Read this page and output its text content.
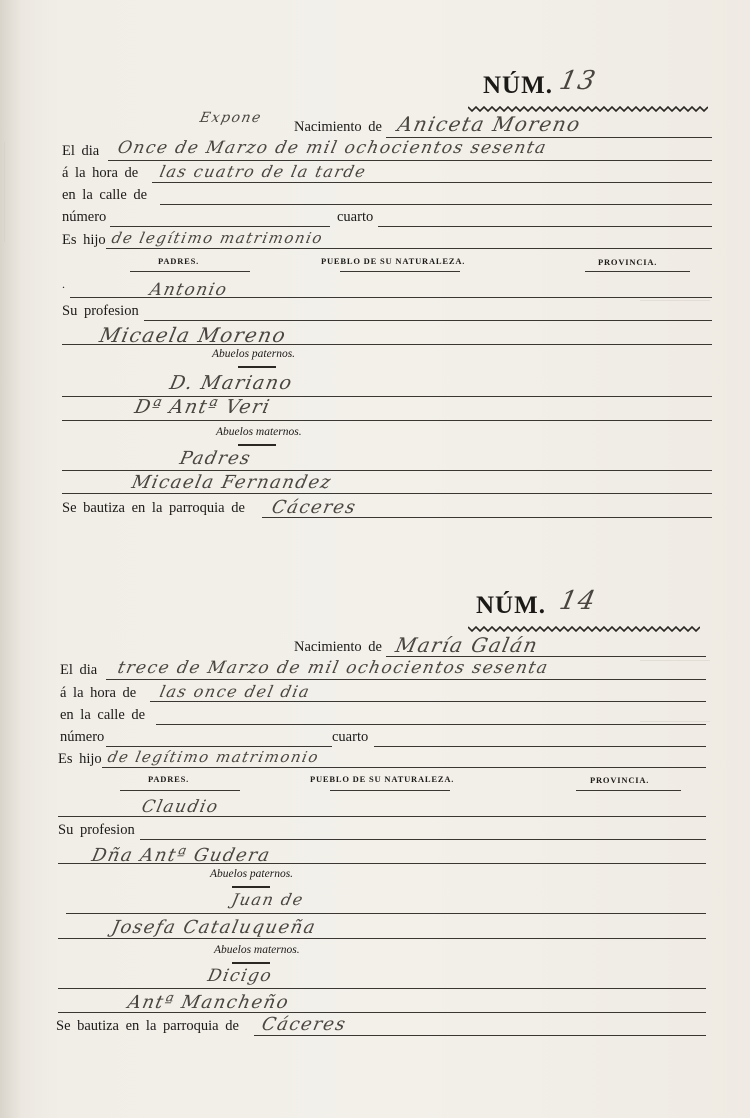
NÚM. 13
Expone
Nacimiento de Aniceta Moreno
El dia Once de Marzo de mil ochocientos sesenta
á la hora de las cuatro de la tarde
en la calle de
número	cuarto
Es hijo de legítimo matrimonio
PADRES.	PUEBLO DE SU NATURALEZA.	PROVINCIA.
.	Antonio
Su profesion
Micaela Moreno
Abuelos paternos.
D. Mariano
Dª Antª Veri
Abuelos maternos.
Padres
Micaela Fernandez
Se bautiza en la parroquia de Cáceres
NÚM. 14
Nacimiento de María Galán
El dia trece de Marzo de mil ochocientos sesenta
á la hora de las once del dia
en la calle de
número	cuarto
Es hijo de legítimo matrimonio
PADRES.	PUEBLO DE SU NATURALEZA.	PROVINCIA.
Claudio
Su profesion
Dña Antª Gudera
Abuelos paternos.
Juan de
Josefa Cataluqueña
Abuelos maternos.
Dicigo
Antª Mancheño
Se bautiza en la parroquia de Cáceres
